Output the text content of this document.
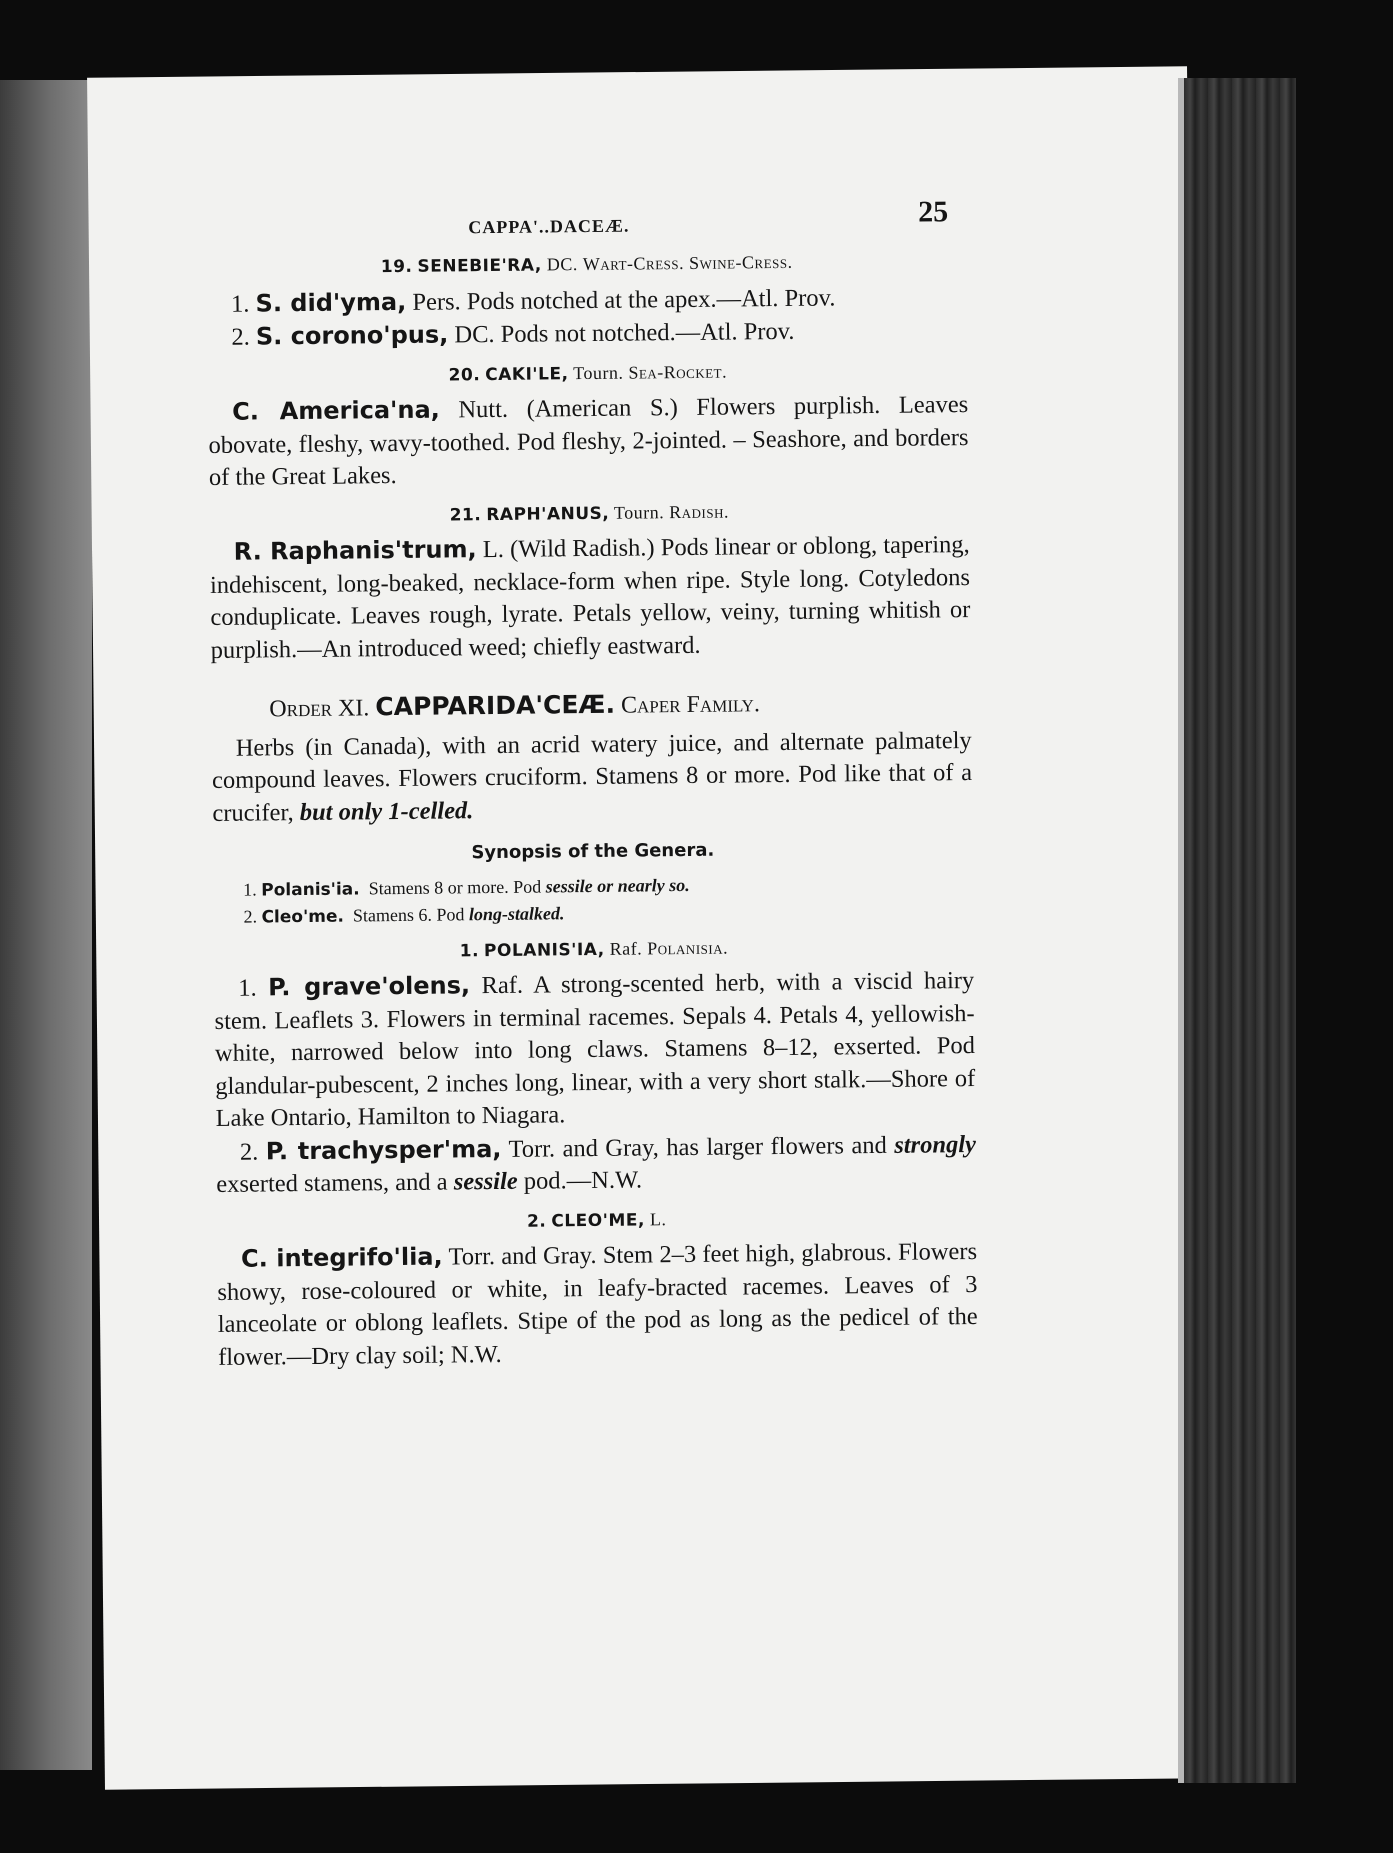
CAPPA'..DACEÆ.	25
19. SENEBIE'RA, DC. Wart-Cress. Swine-Cress.

1. S. did'yma, Pers. Pods notched at the apex.—Atl. Prov.

2. S. corono'pus, DC. Pods not notched.—Atl. Prov.

20. CAKI'LE, Tourn. Sea-Rocket.

C. America'na, Nutt. (American S.) Flowers purplish. Leaves obovate, fleshy, wavy-toothed. Pod fleshy, 2-jointed. – Seashore, and borders of the Great Lakes.

21. RAPH'ANUS, Tourn. Radish.

R. Raphanis'trum, L. (Wild Radish.) Pods linear or oblong, tapering, indehiscent, long-beaked, necklace-form when ripe. Style long. Cotyledons conduplicate. Leaves rough, lyrate. Petals yellow, veiny, turning whitish or purplish.—An introduced weed; chiefly eastward.

Order XI. CAPPARIDA'CEÆ. Caper Family.

Herbs (in Canada), with an acrid watery juice, and alternate palmately compound leaves. Flowers cruciform. Stamens 8 or more. Pod like that of a crucifer, but only 1-celled.

Synopsis of the Genera.
1. Polanis'ia. Stamens 8 or more. Pod sessile or nearly so.
2. Cleo'me. Stamens 6. Pod long-stalked.
1. POLANIS'IA, Raf. Polanisia.

1. P. grave'olens, Raf. A strong-scented herb, with a viscid hairy stem. Leaflets 3. Flowers in terminal racemes. Sepals 4. Petals 4, yellowish-white, narrowed below into long claws. Stamens 8–12, exserted. Pod glandular-pubescent, 2 inches long, linear, with a very short stalk.—Shore of Lake Ontario, Hamilton to Niagara.

2. P. trachysper'ma, Torr. and Gray, has larger flowers and strongly exserted stamens, and a sessile pod.—N.W.

2. CLEO'ME, L.

C. integrifo'lia, Torr. and Gray. Stem 2–3 feet high, glabrous. Flowers showy, rose-coloured or white, in leafy-bracted racemes. Leaves of 3 lanceolate or oblong leaflets. Stipe of the pod as long as the pedicel of the flower.—Dry clay soil; N.W.
